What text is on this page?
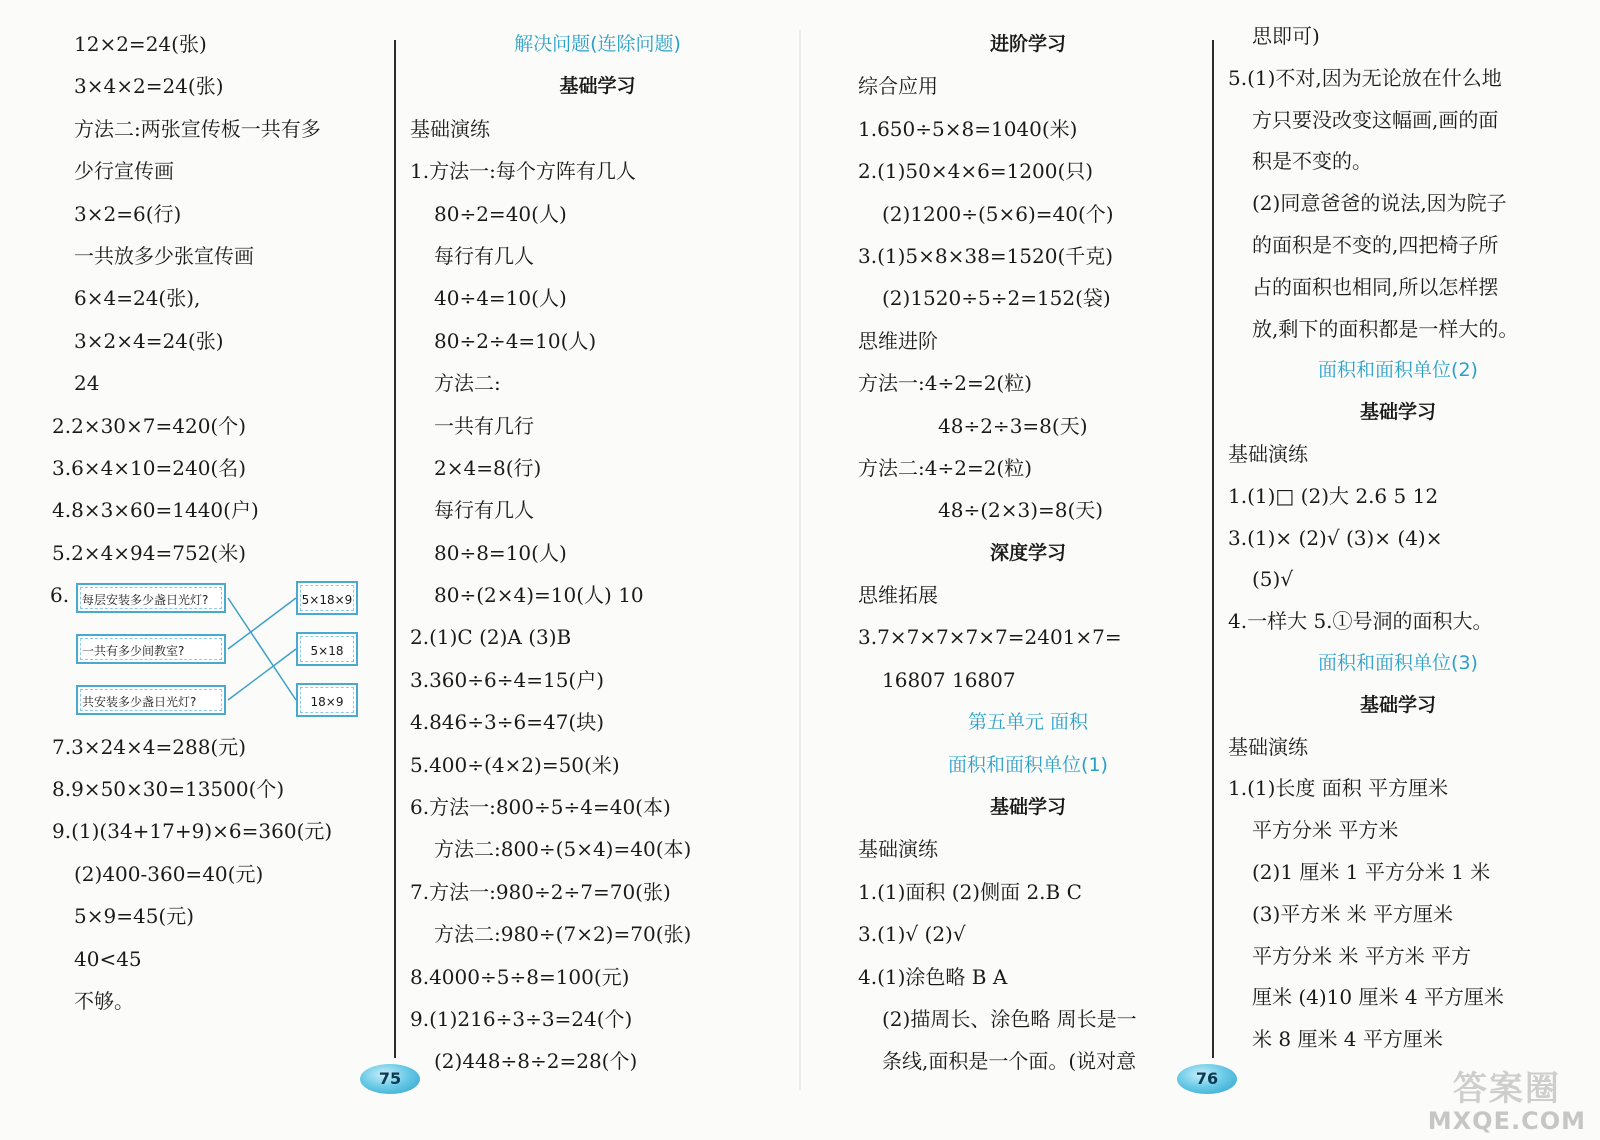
12×2=24(张)
3×4×2=24(张)
方法二:两张宣传板一共有多
少行宣传画
3×2=6(行)
一共放多少张宣传画
6×4=24(张),
3×2×4=24(张)
24
2.2×30×7=420(个)
3.6×4×10=240(名)
4.8×3×60=1440(户)
5.2×4×94=752(米)
6.	每层安装多少盏日光灯?
一共有多少间教室?
共安装多少盏日光灯?
5×18×9
5×18
18×9
7.3×24×4=288(元)
8.9×50×30=13500(个)
9.(1)(34+17+9)×6=360(元)
(2)400-360=40(元)
5×9=45(元)
40<45
不够。
解决问题(连除问题)
基础学习
基础演练
1.方法一:每个方阵有几人
80÷2=40(人)
每行有几人
40÷4=10(人)
80÷2÷4=10(人)
方法二:
一共有几行
2×4=8(行)
每行有几人
80÷8=10(人)
80÷(2×4)=10(人) 10
2.(1)C (2)A (3)B
3.360÷6÷4=15(户)
4.846÷3÷6=47(块)
5.400÷(4×2)=50(米)
6.方法一:800÷5÷4=40(本)
方法二:800÷(5×4)=40(本)
7.方法一:980÷2÷7=70(张)
方法二:980÷(7×2)=70(张)
8.4000÷5÷8=100(元)
9.(1)216÷3÷3=24(个)
(2)448÷8÷2=28(个)
进阶学习
综合应用
1.650÷5×8=1040(米)
2.(1)50×4×6=1200(只)
(2)1200÷(5×6)=40(个)
3.(1)5×8×38=1520(千克)
(2)1520÷5÷2=152(袋)
思维进阶
方法一:4÷2=2(粒)
48÷2÷3=8(天)
方法二:4÷2=2(粒)
48÷(2×3)=8(天)
深度学习
思维拓展
3.7×7×7×7×7=2401×7=
16807 16807
第五单元 面积
面积和面积单位(1)
基础学习
基础演练
1.(1)面积 (2)侧面 2.B C
3.(1)√ (2)√
4.(1)涂色略 B A
(2)描周长、涂色略 周长是一
条线,面积是一个面。(说对意
思即可)
5.(1)不对,因为无论放在什么地
方只要没改变这幅画,画的面
积是不变的。
(2)同意爸爸的说法,因为院子
的面积是不变的,四把椅子所
占的面积也相同,所以怎样摆
放,剩下的面积都是一样大的。
面积和面积单位(2)
基础学习
基础演练
1.(1)□ (2)大 2.6 5 12
3.(1)× (2)√ (3)× (4)×
(5)√
4.一样大 5.①号洞的面积大。
面积和面积单位(3)
基础学习
基础演练
1.(1)长度 面积 平方厘米
平方分米 平方米
(2)1 厘米 1 平方分米 1 米
(3)平方米 米 平方厘米
平方分米 米 平方米 平方
厘米 (4)10 厘米 4 平方厘米
米 8 厘米 4 平方厘米
75	76	答案圈
MXQE.COM
